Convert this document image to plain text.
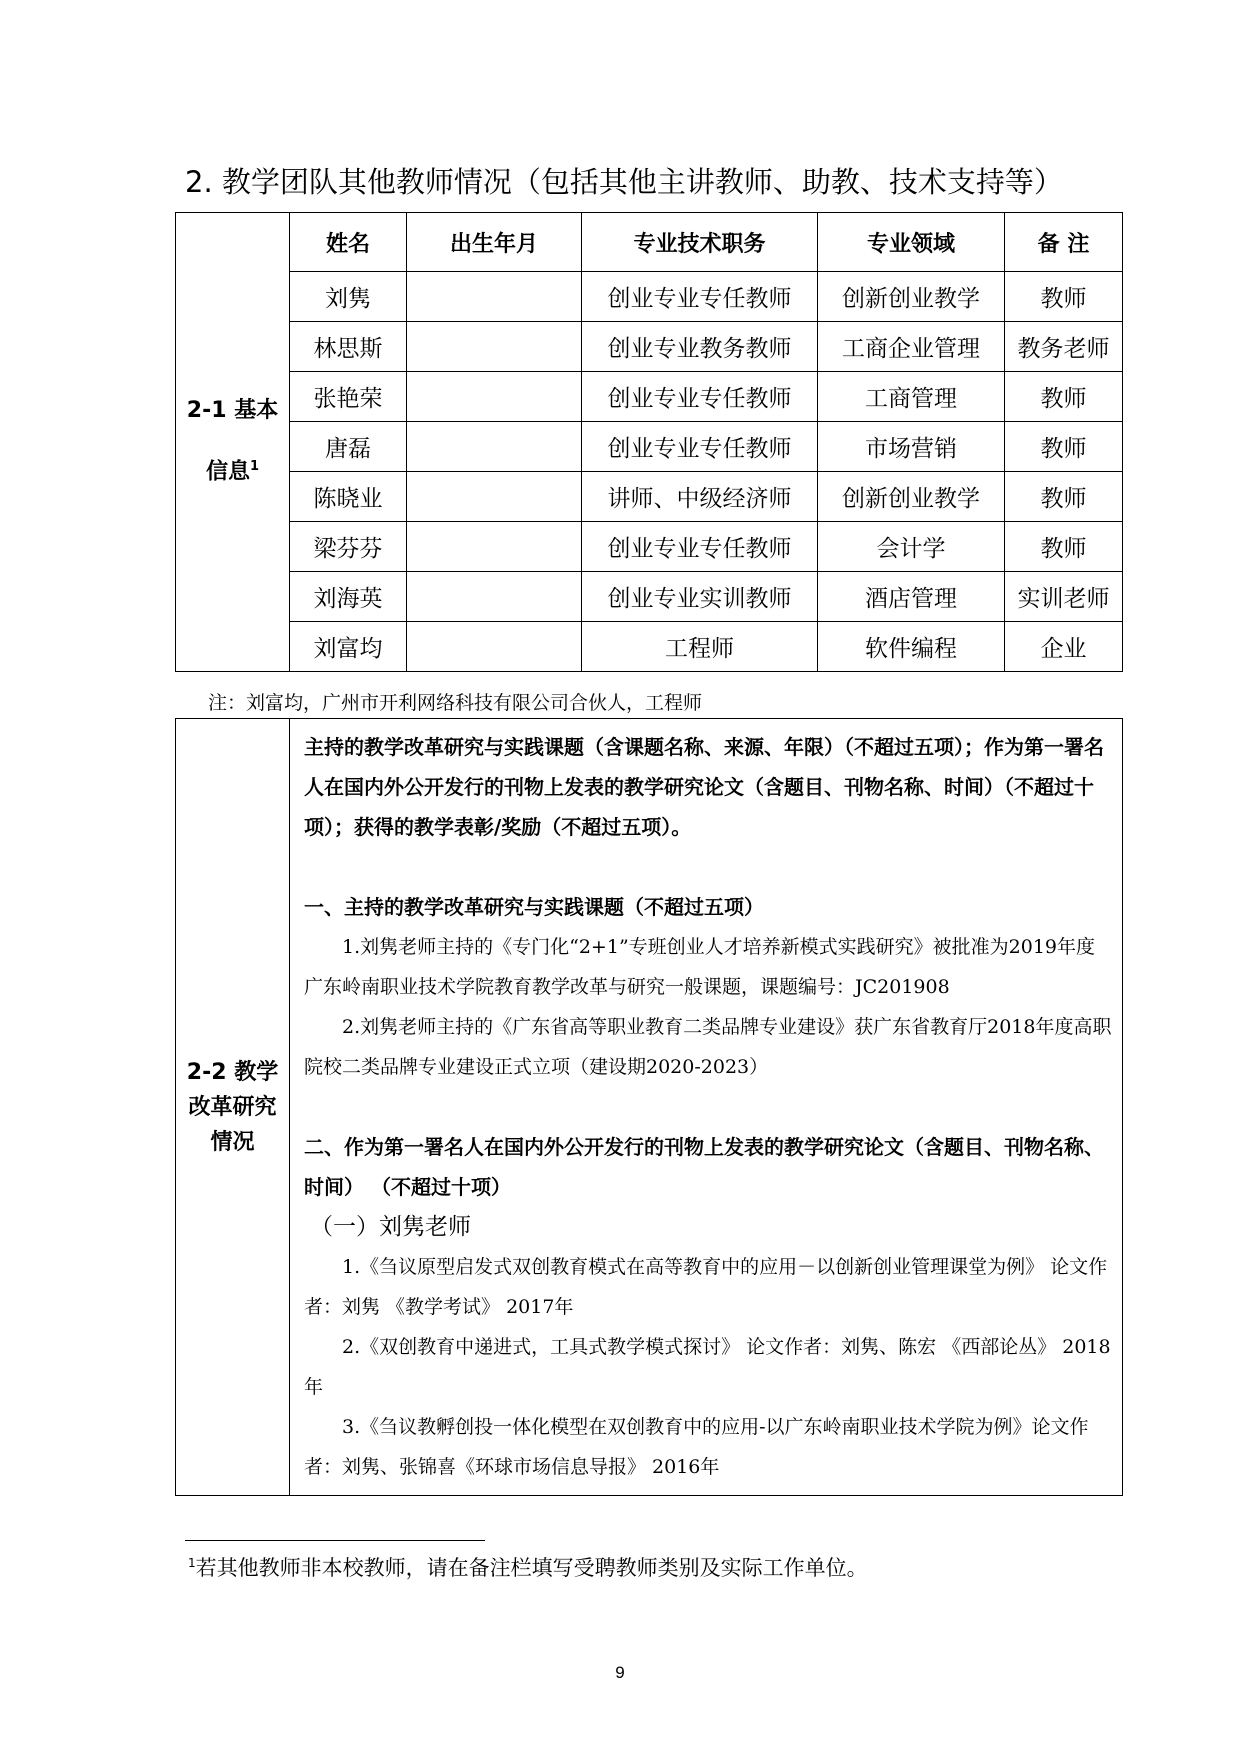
2. 教学团队其他教师情况（包括其他主讲教师、助教、技术支持等）
2-1 基本
信息$^1$	姓名	出生年月	专业技术职务	专业领域	备 注
	刘隽		创业专业专任教师	创新创业教学	教师
	林思斯		创业专业教务教师	工商企业管理	教务老师
	张艳荣		创业专业专任教师	工商管理	教师
	唐磊		创业专业专任教师	市场营销	教师
	陈晓业		讲师、中级经济师	创新创业教学	教师
	梁芬芬		创业专业专任教师	会计学	教师
	刘海英		创业专业实训教师	酒店管理	实训老师
	刘富均		工程师	软件编程	企业
注：刘富均，广州市开利网络科技有限公司合伙人，工程师
2-2 教学改革研究情况	

主持的教学改革研究与实践课题（含课题名称、来源、年限）（不超过五项）；作为第一署名人在国内外公开发行的刊物上发表的教学研究论文（含题目、刊物名称、时间）（不超过十项）；获得的教学表彰/奖励（不超过五项）。

一、主持的教学改革研究与实践课题（不超过五项）

1.刘隽老师主持的《专门化“2+1”专班创业人才培养新模式实践研究》被批准为2019年度广东岭南职业技术学院教育教学改革与研究一般课题，课题编号：JC201908

2.刘隽老师主持的《广东省高等职业教育二类品牌专业建设》获广东省教育厅2018年度高职院校二类品牌专业建设正式立项（建设期2020-2023）

二、作为第一署名人在国内外公开发行的刊物上发表的教学研究论文（含题目、刊物名称、时间） （不超过十项）

（一）刘隽老师

1.《刍议原型启发式双创教育模式在高等教育中的应用－以创新创业管理课堂为例》 论文作者：刘隽 《教学考试》 2017年

2.《双创教育中递进式，工具式教学模式探讨》 论文作者：刘隽、陈宏 《西部论丛》 2018年

3.《刍议教孵创投一体化模型在双创教育中的应用-以广东岭南职业技术学院为例》论文作者：刘隽、张锦喜《环球市场信息导报》 2016年

$^1$若其他教师非本校教师，请在备注栏填写受聘教师类别及实际工作单位。
9
